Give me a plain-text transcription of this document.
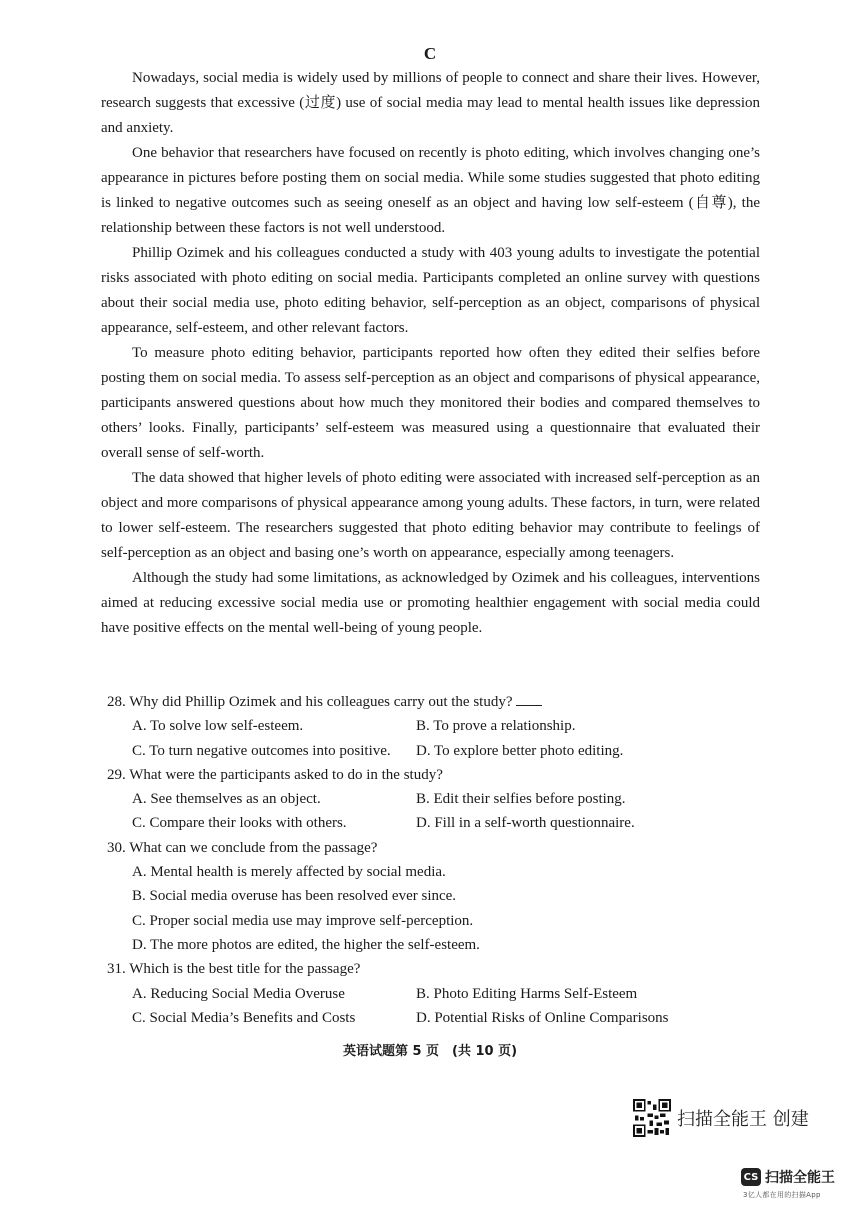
C

Nowadays, social media is widely used by millions of people to connect and share their lives. However, research suggests that excessive (过度) use of social media may lead to mental health issues like depression and anxiety.

One behavior that researchers have focused on recently is photo editing, which involves changing one’s appearance in pictures before posting them on social media. While some studies suggested that photo editing is linked to negative outcomes such as seeing oneself as an object and having low self-esteem (自尊), the relationship between these factors is not well understood.

Phillip Ozimek and his colleagues conducted a study with 403 young adults to investigate the potential risks associated with photo editing on social media. Participants completed an online survey with questions about their social media use, photo editing behavior, self-perception as an object, comparisons of physical appearance, self-esteem, and other relevant factors.

To measure photo editing behavior, participants reported how often they edited their selfies before posting them on social media. To assess self-perception as an object and comparisons of physical appearance, participants answered questions about how much they monitored their bodies and compared themselves to others’ looks. Finally, participants’ self-esteem was measured using a questionnaire that evaluated their overall sense of self-worth.

The data showed that higher levels of photo editing were associated with increased self-perception as an object and more comparisons of physical appearance among young adults. These factors, in turn, were related to lower self-esteem. The researchers suggested that photo editing behavior may contribute to feelings of self-perception as an object and basing one’s worth on appearance, especially among teenagers.

Although the study had some limitations, as acknowledged by Ozimek and his colleagues, interventions aimed at reducing excessive social media use or promoting healthier engagement with social media could have positive effects on the mental well-being of young people.

28. Why did Phillip Ozimek and his colleagues carry out the study?
A. To solve low self-esteem.	B. To prove a relationship.
C. To turn negative outcomes into positive.	D. To explore better photo editing.
29. What were the participants asked to do in the study?
A. See themselves as an object.	B. Edit their selfies before posting.
C. Compare their looks with others.	D. Fill in a self-worth questionnaire.
30. What can we conclude from the passage?
A. Mental health is merely affected by social media.
B. Social media overuse has been resolved ever since.
C. Proper social media use may improve self-perception.
D. The more photos are edited, the higher the self-esteem.
31. Which is the best title for the passage?
A. Reducing Social Media Overuse	B. Photo Editing Harms Self-Esteem
C. Social Media’s Benefits and Costs	D. Potential Risks of Online Comparisons
英语试题第 5 页　(共 10 页)
扫描全能王 创建
CS 扫描全能王
3亿人都在用的扫描App
